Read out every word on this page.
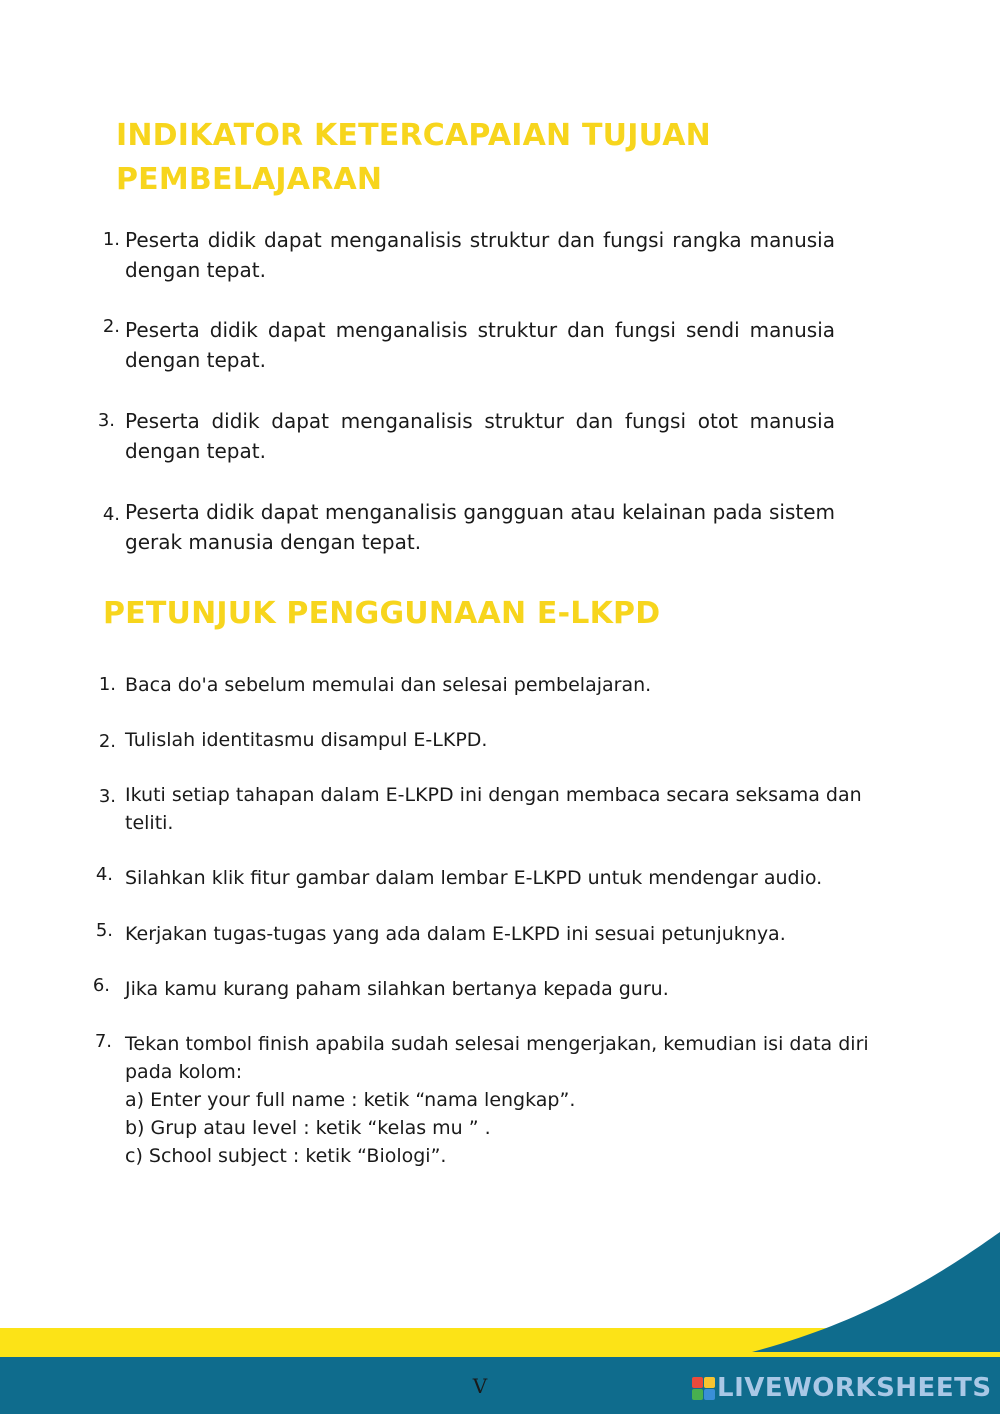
INDIKATOR KETERCAPAIAN TUJUAN PEMBELAJARAN
1. Peserta didik dapat menganalisis struktur dan fungsi rangka manusia dengan tepat.
2. Peserta didik dapat menganalisis struktur dan fungsi sendi manusia dengan tepat.
3. Peserta didik dapat menganalisis struktur dan fungsi otot manusia dengan tepat.
4. Peserta didik dapat menganalisis gangguan atau kelainan pada sistem gerak manusia dengan tepat.
PETUNJUK PENGGUNAAN E-LKPD
1. Baca do'a sebelum memulai dan selesai pembelajaran.
2. Tulislah identitasmu disampul E-LKPD.
3. Ikuti setiap tahapan dalam E-LKPD ini dengan membaca secara seksama dan teliti.
4. Silahkan klik fitur gambar dalam lembar E-LKPD untuk mendengar audio.
5. Kerjakan tugas-tugas yang ada dalam E-LKPD ini sesuai petunjuknya.
6. Jika kamu kurang paham silahkan bertanya kepada guru.
7. Tekan tombol finish apabila sudah selesai mengerjakan, kemudian isi data diri pada kolom:
a) Enter your full name : ketik “nama lengkap”.
b) Grup atau level : ketik “kelas mu ” .
c) School subject : ketik “Biologi”.
V	LIVEWORKSHEETS
